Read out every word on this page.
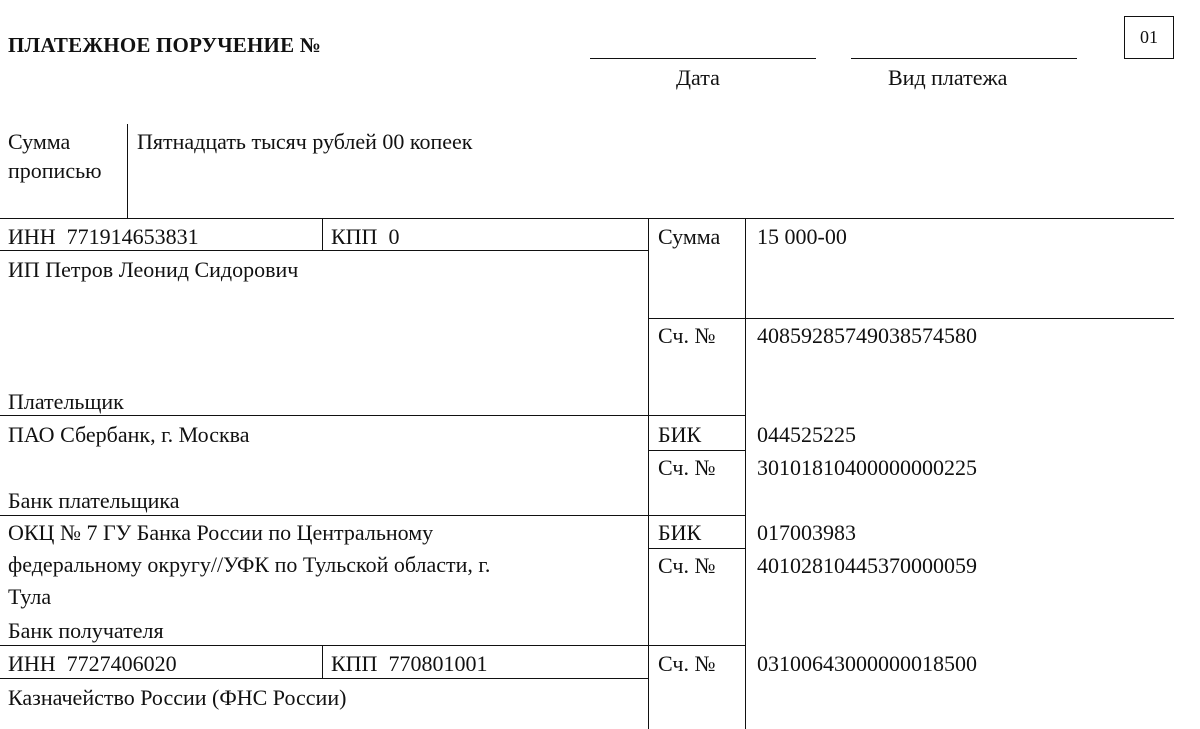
ПЛАТЕЖНОЕ ПОРУЧЕНИЕ №
Дата	Вид платежа
01
Сумма
прописью
Пятнадцать тысяч рублей 00 копеек
ИНН 771914653831	КПП 0
ИП Петров Леонид Сидорович
Плательщик
Сумма 15 000-00
Сч. № 40859285749038574580
ПАО Сбербанк, г. Москва
Банк плательщика
БИК	044525225
Сч. № 30101810400000000225
ОКЦ № 7 ГУ Банка России по Центральному
федеральному округу//УФК по Тульской области, г.
Тула
Банк получателя
БИК	017003983
Сч. № 40102810445370000059
ИНН 7727406020	КПП 770801001
Казначейство России (ФНС России)
Сч. № 03100643000000018500
